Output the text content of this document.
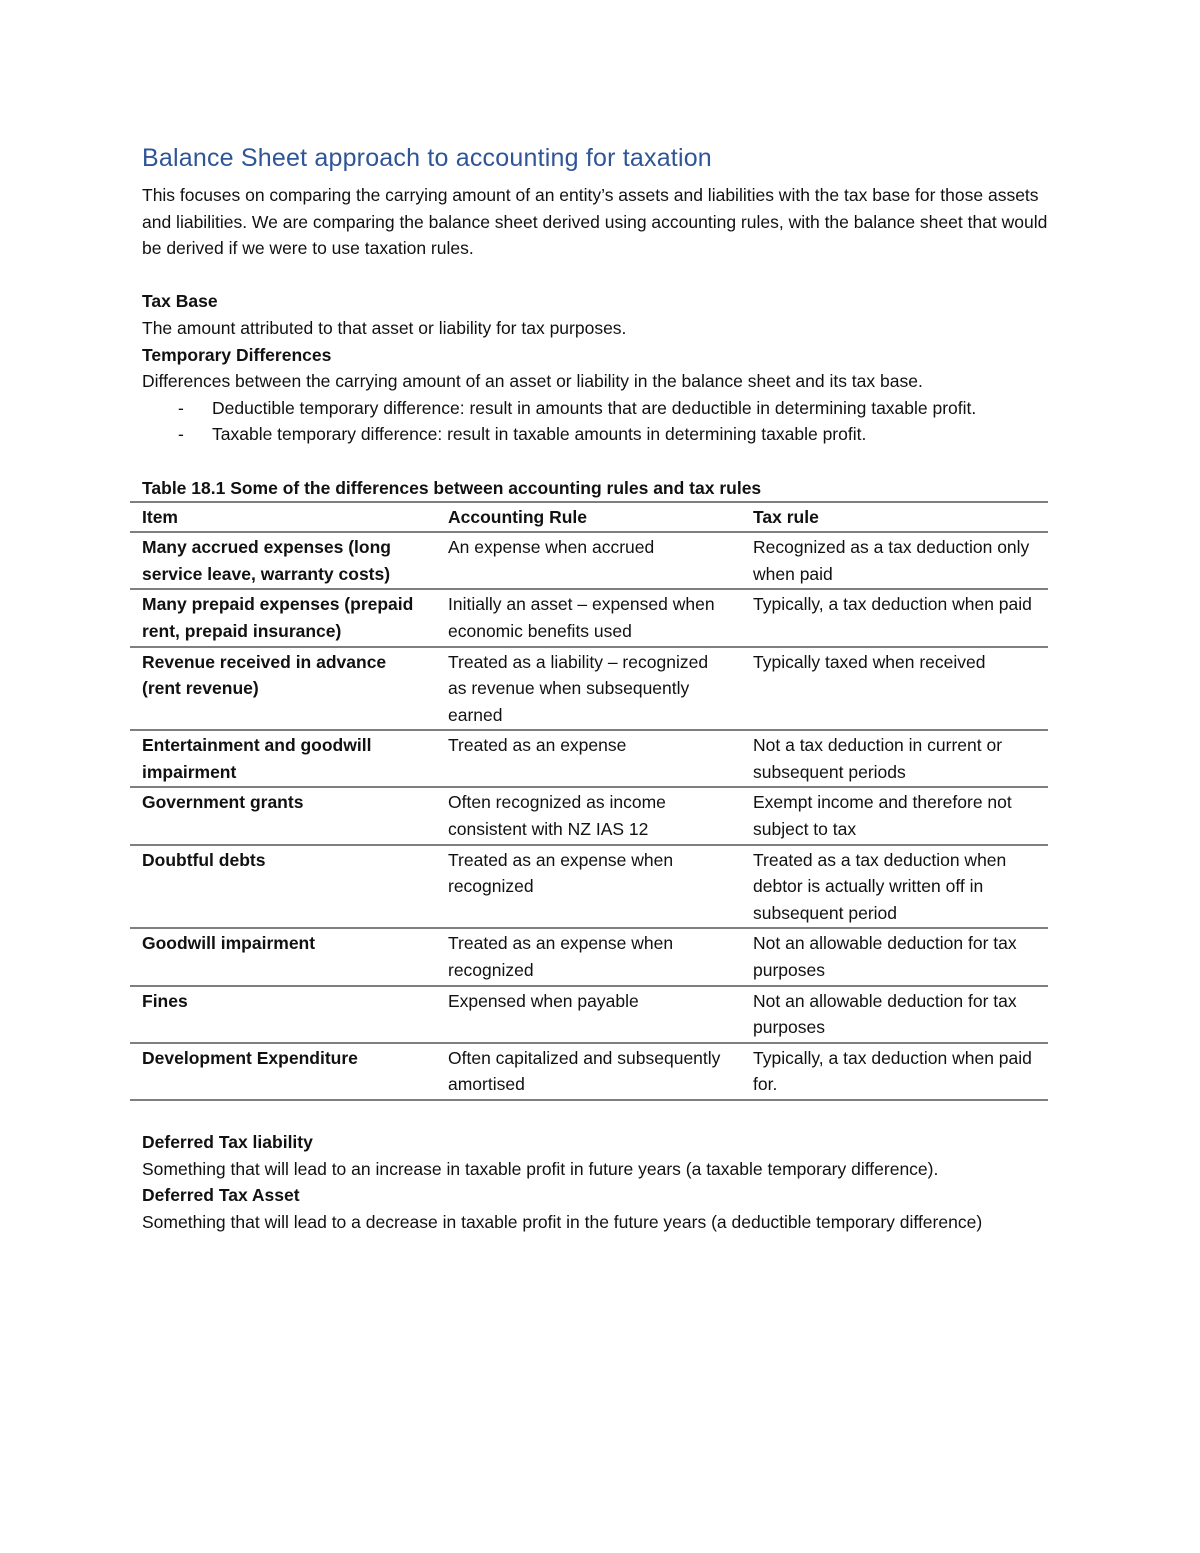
Balance Sheet approach to accounting for taxation

This focuses on comparing the carrying amount of an entity’s assets and liabilities with the tax base for those assets and liabilities. We are comparing the balance sheet derived using accounting rules, with the balance sheet that would be derived if we were to use taxation rules.

Tax Base

The amount attributed to that asset or liability for tax purposes.

Temporary Differences

Differences between the carrying amount of an asset or liability in the balance sheet and its tax base.

- Deductible temporary difference: result in amounts that are deductible in determining taxable profit.
- Taxable temporary difference: result in taxable amounts in determining taxable profit.

Table 18.1 Some of the differences between accounting rules and tax rules

Item	Accounting Rule	Tax rule
Many accrued expenses (long service leave, warranty costs)	An expense when accrued	Recognized as a tax deduction only when paid
Many prepaid expenses (prepaid rent, prepaid insurance)	Initially an asset – expensed when economic benefits used	Typically, a tax deduction when paid
Revenue received in advance (rent revenue)	Treated as a liability – recognized as revenue when subsequently earned	Typically taxed when received
Entertainment and goodwill impairment	Treated as an expense	Not a tax deduction in current or subsequent periods
Government grants	Often recognized as income consistent with NZ IAS 12	Exempt income and therefore not subject to tax
Doubtful debts	Treated as an expense when recognized	Treated as a tax deduction when debtor is actually written off in subsequent period
Goodwill impairment	Treated as an expense when recognized	Not an allowable deduction for tax purposes
Fines	Expensed when payable	Not an allowable deduction for tax purposes
Development Expenditure	Often capitalized and subsequently amortised	Typically, a tax deduction when paid for.

Deferred Tax liability

Something that will lead to an increase in taxable profit in future years (a taxable temporary difference).

Deferred Tax Asset

Something that will lead to a decrease in taxable profit in the future years (a deductible temporary difference)
